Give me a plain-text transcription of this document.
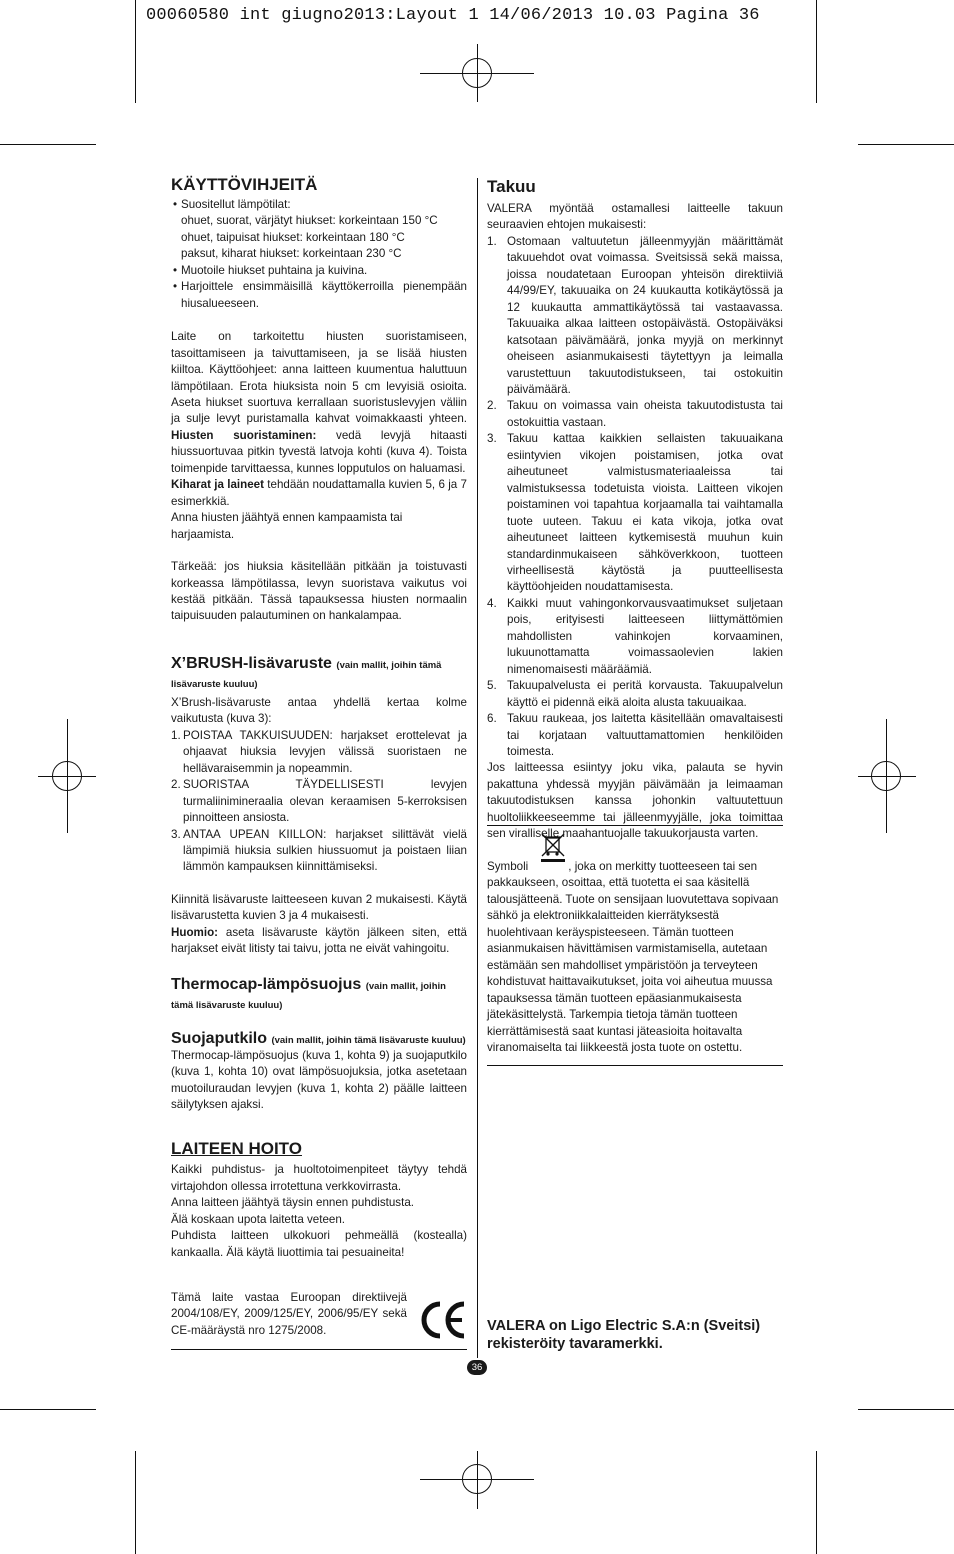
00060580 int giugno2013:Layout 1 14/06/2013 10.03 Pagina 36

KÄYTTÖVIHJEITÄ

• Suositellut lämpötilat:
ohuet, suorat, värjätyt hiukset: korkeintaan 150 °C
ohuet, taipuisat hiukset: korkeintaan 180 °C
paksut, kiharat hiukset: korkeintaan 230 °C
• Muotoile hiukset puhtaina ja kuivina.
• Harjoittele ensimmäisillä käyttökerroilla pienempään hiusalueeseen.

Laite on tarkoitettu hiusten suoristamiseen, tasoittamiseen ja taivuttamiseen, ja se lisää hiusten kiiltoa. Käyttöohjeet: anna laitteen kuumentua haluttuun lämpötilaan. Erota hiuksista noin 5 cm levyisiä osioita. Aseta hiukset suortuva kerrallaan suoristuslevyjen väliin ja sulje levyt puristamalla kahvat voimakkaasti yhteen. Hiusten suoristaminen: vedä levyjä hitaasti hiussuortuvaa pitkin tyvestä latvoja kohti (kuva 4). Toista toimenpide tarvittaessa, kunnes lopputulos on haluamasi.

Kiharat ja laineet tehdään noudattamalla kuvien 5, 6 ja 7 esimerkkiä.

Anna hiusten jäähtyä ennen kampaamista tai harjaamista.

Tärkeää: jos hiuksia käsitellään pitkään ja toistuvasti korkeassa lämpötilassa, levyn suoristava vaikutus voi kestää pitkään. Tässä tapauksessa hiusten normaalin taipuisuuden palautuminen on hankalampaa.

X’BRUSH-lisävaruste (vain mallit, joihin tämä lisävaruste kuuluu)

X’Brush-lisävaruste antaa yhdellä kertaa kolme vaikutusta (kuva 3):

1. POISTAA TAKKUISUUDEN: harjakset erottelevat ja ohjaavat hiuksia levyjen välissä suoristaen ne hellävaraisemmin ja nopeammin.
2. SUORISTAA TÄYDELLISESTI levyjen turmaliinimineraalia olevan keraamisen 5-kerroksisen pinnoitteen ansiosta.
3. ANTAA UPEAN KIILLON: harjakset silittävät vielä lämpimiä hiuksia sulkien hiussuomut ja poistaen liian lämmön kampauksen kiinnittämiseksi.

Kiinnitä lisävaruste laitteeseen kuvan 2 mukaisesti. Käytä lisävarustetta kuvien 3 ja 4 mukaisesti.

Huomio: aseta lisävaruste käytön jälkeen siten, että harjakset eivät litisty tai taivu, jotta ne eivät vahingoitu.

Thermocap-lämpösuojus (vain mallit, joihin tämä lisävaruste kuuluu)

Suojaputkilo (vain mallit, joihin tämä lisävaruste kuuluu)

Thermocap-lämpösuojus (kuva 1, kohta 9) ja suojaputkilo (kuva 1, kohta 10) ovat lämpösuojuksia, jotka asetetaan muotoiluraudan levyjen (kuva 1, kohta 2) päälle laitteen säilytyksen ajaksi.

LAITEEN HOITO

Kaikki puhdistus- ja huoltotoimenpiteet täytyy tehdä virtajohdon ollessa irrotettuna verkkovirrasta.

Anna laitteen jäähtyä täysin ennen puhdistusta.

Älä koskaan upota laitetta veteen.

Puhdista laitteen ulkokuori pehmeällä (kostealla) kankaalla. Älä käytä liuottimia tai pesuaineita!

Tämä laite vastaa Euroopan direktiivejä 2004/108/EY, 2009/125/EY, 2006/95/EY sekä CE-määräystä nro 1275/2008.

Takuu

VALERA myöntää ostamallesi laitteelle takuun seuraavien ehtojen mukaisesti:

1. Ostomaan valtuutetun jälleenmyyjän määrittämät takuuehdot ovat voimassa. Sveitsissä sekä maissa, joissa noudatetaan Euroopan yhteisön direktiiviä 44/99/EY, takuuaika on 24 kuukautta kotikäytössä ja 12 kuukautta ammattikäytössä tai vastaavassa. Takuuaika alkaa laitteen ostopäivästä. Ostopäiväksi katsotaan päivämäärä, jonka myyjä on merkinnyt oheiseen asianmukaisesti täytettyyn ja leimalla varustettuun takuutodistukseen, tai ostokuitin päivämäärä.
2. Takuu on voimassa vain oheista takuutodistusta tai ostokuittia vastaan.
3. Takuu kattaa kaikkien sellaisten takuuaikana esiintyvien vikojen poistamisen, jotka ovat aiheutuneet valmistusmateriaaleissa tai valmistuksessa todetuista vioista. Laitteen vikojen poistaminen voi tapahtua korjaamalla tai vaihtamalla tuote uuteen. Takuu ei kata vikoja, jotka ovat aiheutuneet laitteen kytkemisestä muuhun kuin standardinmukaiseen sähköverkkoon, tuotteen virheellisestä käytöstä ja puutteellisesta käyttöohjeiden noudattamisesta.
4. Kaikki muut vahingonkorvausvaatimukset suljetaan pois, erityisesti laitteeseen liittymättömien mahdollisten vahinkojen korvaaminen, lukuunottamatta voimassaolevien lakien nimenomaisesti määräämiä.
5. Takuupalvelusta ei peritä korvausta. Takuupalvelun käyttö ei pidennä eikä aloita alusta takuuaikaa.
6. Takuu raukeaa, jos laitetta käsitellään omavaltaisesti tai korjataan valtuuttamattomien henkilöiden toimesta.

Jos laitteessa esiintyy joku vika, palauta se hyvin pakattuna yhdessä myyjän päivämään ja leimaaman takuutodistuksen kanssa johonkin valtuutettuun huoltoliikkeeseemme tai jälleenmyyjälle, joka toimittaa sen viralliselle maahantuojalle takuukorjausta varten.

Symboli	, joka on merkitty tuotteeseen tai sen pakkaukseen, osoittaa, että tuotetta ei saa käsitellä talousjätteenä. Tuote on sensijaan luovutettava sopivaan sähkö ja elektroniikkalaitteiden kierrätyksestä huolehtivaan keräyspisteeseen. Tämän tuotteen asianmukaisen hävittämisen varmistamisella, autetaan estämään sen mahdolliset ympäristöön ja terveyteen kohdistuvat haittavaikutukset, joita voi aiheutua muussa tapauksessa tämän tuotteen epäasianmukaisesta jätekäsittelystä. Tarkempia tietoja tämän tuotteen kierrättämisestä saat kuntasi jäteasioita hoitavalta viranomaiselta tai liikkeestä josta tuote on ostettu.
VALERA on Ligo Electric S.A:n (Sveitsi) rekisteröity tavaramerkki.
36
